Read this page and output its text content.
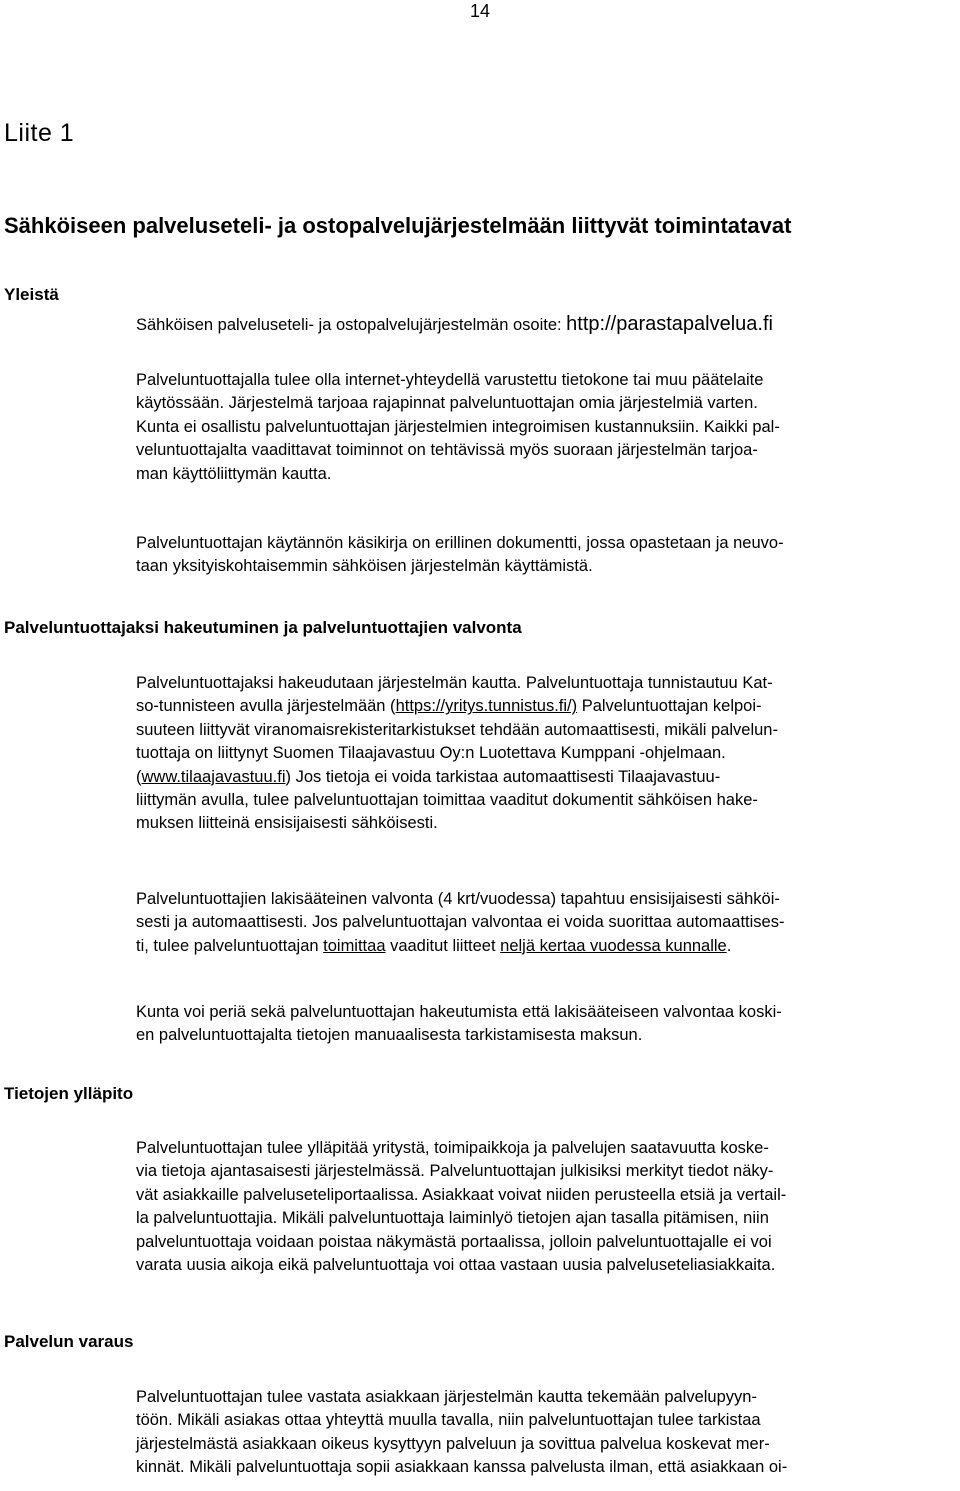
14
Liite 1
Sähköiseen palveluseteli- ja ostopalvelujärjestelmään liittyvät toimintatavat
Yleistä
Sähköisen palveluseteli- ja ostopalvelujärjestelmän osoite: http://parastapalvelua.fi
Palveluntuottajalla tulee olla internet-yhteydellä varustettu tietokone tai muu päätelaite
käytössään. Järjestelmä tarjoaa rajapinnat palveluntuottajan omia järjestelmiä varten.
Kunta ei osallistu palveluntuottajan järjestelmien integroimisen kustannuksiin. Kaikki pal-
veluntuottajalta vaadittavat toiminnot on tehtävissä myös suoraan järjestelmän tarjoa-
man käyttöliittymän kautta.
Palveluntuottajan käytännön käsikirja on erillinen dokumentti, jossa opastetaan ja neuvo-
taan yksityiskohtaisemmin sähköisen järjestelmän käyttämistä.
Palveluntuottajaksi hakeutuminen ja palveluntuottajien valvonta
Palveluntuottajaksi hakeudutaan järjestelmän kautta. Palveluntuottaja tunnistautuu Kat-
so-tunnisteen avulla järjestelmään (https://yritys.tunnistus.fi/) Palveluntuottajan kelpoi-
suuteen liittyvät viranomaisrekisteritarkistukset tehdään automaattisesti, mikäli palvelun-
tuottaja on liittynyt Suomen Tilaajavastuu Oy:n Luotettava Kumppani -ohjelmaan.
(www.tilaajavastuu.fi) Jos tietoja ei voida tarkistaa automaattisesti Tilaajavastuu-
liittymän avulla, tulee palveluntuottajan toimittaa vaaditut dokumentit sähköisen hake-
muksen liitteinä ensisijaisesti sähköisesti.
Palveluntuottajien lakisääteinen valvonta (4 krt/vuodessa) tapahtuu ensisijaisesti sähköi-
sesti ja automaattisesti. Jos palveluntuottajan valvontaa ei voida suorittaa automaattises-
ti, tulee palveluntuottajan toimittaa vaaditut liitteet neljä kertaa vuodessa kunnalle.
Kunta voi periä sekä palveluntuottajan hakeutumista että lakisääteiseen valvontaa koski-
en palveluntuottajalta tietojen manuaalisesta tarkistamisesta maksun.
Tietojen ylläpito
Palveluntuottajan tulee ylläpitää yritystä, toimipaikkoja ja palvelujen saatavuutta koske-
via tietoja ajantasaisesti järjestelmässä. Palveluntuottajan julkisiksi merkityt tiedot näky-
vät asiakkaille palveluseteliportaalissa. Asiakkaat voivat niiden perusteella etsiä ja vertail-
la palveluntuottajia. Mikäli palveluntuottaja laiminlyö tietojen ajan tasalla pitämisen, niin
palveluntuottaja voidaan poistaa näkymästä portaalissa, jolloin palveluntuottajalle ei voi
varata uusia aikoja eikä palveluntuottaja voi ottaa vastaan uusia palveluseteliasiakkaita.
Palvelun varaus
Palveluntuottajan tulee vastata asiakkaan järjestelmän kautta tekemään palvelupyyn-
töön. Mikäli asiakas ottaa yhteyttä muulla tavalla, niin palveluntuottajan tulee tarkistaa
järjestelmästä asiakkaan oikeus kysyttyyn palveluun ja sovittua palvelua koskevat mer-
kinnät. Mikäli palveluntuottaja sopii asiakkaan kanssa palvelusta ilman, että asiakkaan oi-
